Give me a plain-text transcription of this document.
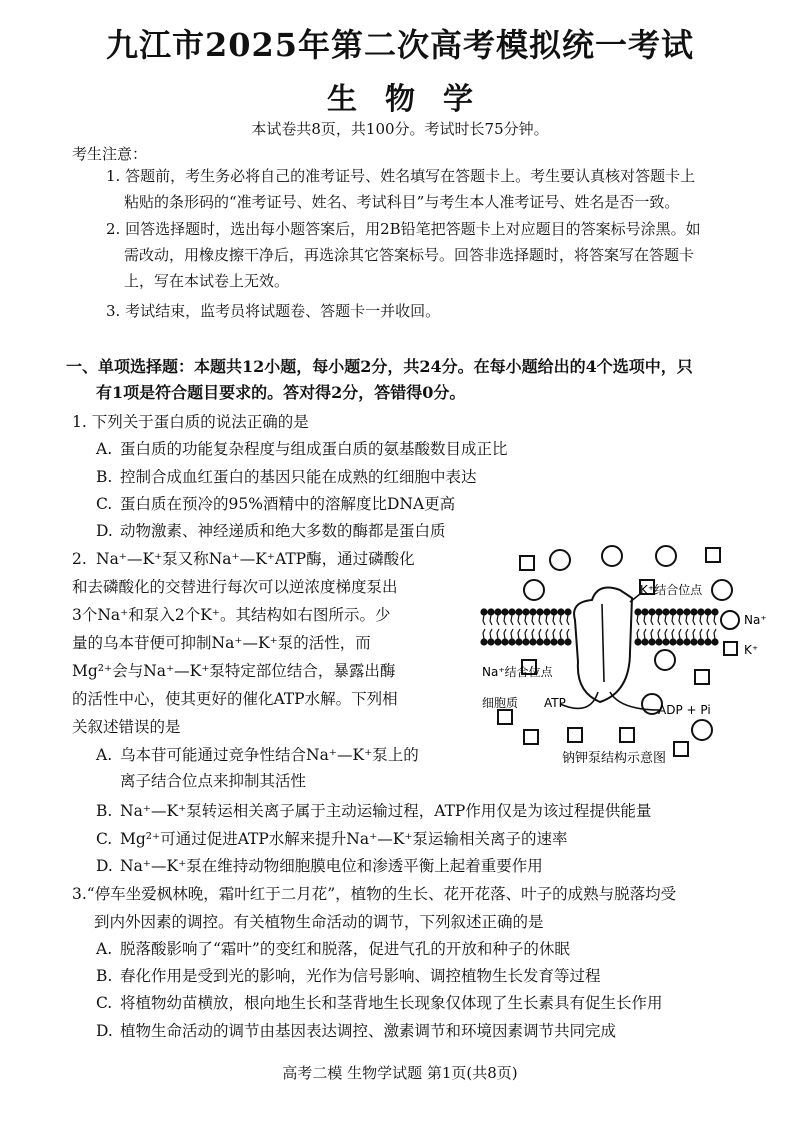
九江市2025年第二次高考模拟统一考试
生物学
本试卷共8页，共100分。考试时长75分钟。
考生注意：
1. 答题前，考生务必将自己的准考证号、姓名填写在答题卡上。考生要认真核对答题卡上
粘贴的条形码的“准考证号、姓名、考试科目”与考生本人准考证号、姓名是否一致。
2. 回答选择题时，选出每小题答案后，用2B铅笔把答题卡上对应题目的答案标号涂黑。如
需改动，用橡皮擦干净后，再选涂其它答案标号。回答非选择题时，将答案写在答题卡
上，写在本试卷上无效。
3. 考试结束，监考员将试题卷、答题卡一并收回。
一、单项选择题：本题共12小题，每小题2分，共24分。在每小题给出的4个选项中，只
有1项是符合题目要求的。答对得2分，答错得0分。
1. 下列关于蛋白质的说法正确的是
A. 蛋白质的功能复杂程度与组成蛋白质的氨基酸数目成正比
B. 控制合成血红蛋白的基因只能在成熟的红细胞中表达
C. 蛋白质在预冷的95%酒精中的溶解度比DNA更高
D. 动物激素、神经递质和绝大多数的酶都是蛋白质
2. Na⁺—K⁺泵又称Na⁺—K⁺ATP酶，通过磷酸化
和去磷酸化的交替进行每次可以逆浓度梯度泵出
3个Na⁺和泵入2个K⁺。其结构如右图所示。少
量的乌本苷便可抑制Na⁺—K⁺泵的活性，而
Mg²⁺会与Na⁺—K⁺泵特定部位结合，暴露出酶
的活性中心，使其更好的催化ATP水解。下列相
关叙述错误的是
A. 乌本苷可能通过竞争性结合Na⁺—K⁺泵上的
离子结合位点来抑制其活性
B. Na⁺—K⁺泵转运相关离子属于主动运输过程，ATP作用仅是为该过程提供能量
C. Mg²⁺可通过促进ATP水解来提升Na⁺—K⁺泵运输相关离子的速率
D. Na⁺—K⁺泵在维持动物细胞膜电位和渗透平衡上起着重要作用
K⁺结合位点
Na⁺
K⁺
Na⁺结合位点
细胞质 ATP	ADP + Pi
钠钾泵结构示意图
3.“停车坐爱枫林晚，霜叶红于二月花”，植物的生长、花开花落、叶子的成熟与脱落均受
到内外因素的调控。有关植物生命活动的调节，下列叙述正确的是
A. 脱落酸影响了“霜叶”的变红和脱落，促进气孔的开放和种子的休眠
B. 春化作用是受到光的影响，光作为信号影响、调控植物生长发育等过程
C. 将植物幼苗横放，根向地生长和茎背地生长现象仅体现了生长素具有促生长作用
D. 植物生命活动的调节由基因表达调控、激素调节和环境因素调节共同完成
高考二模 生物学试题 第1页(共8页)
